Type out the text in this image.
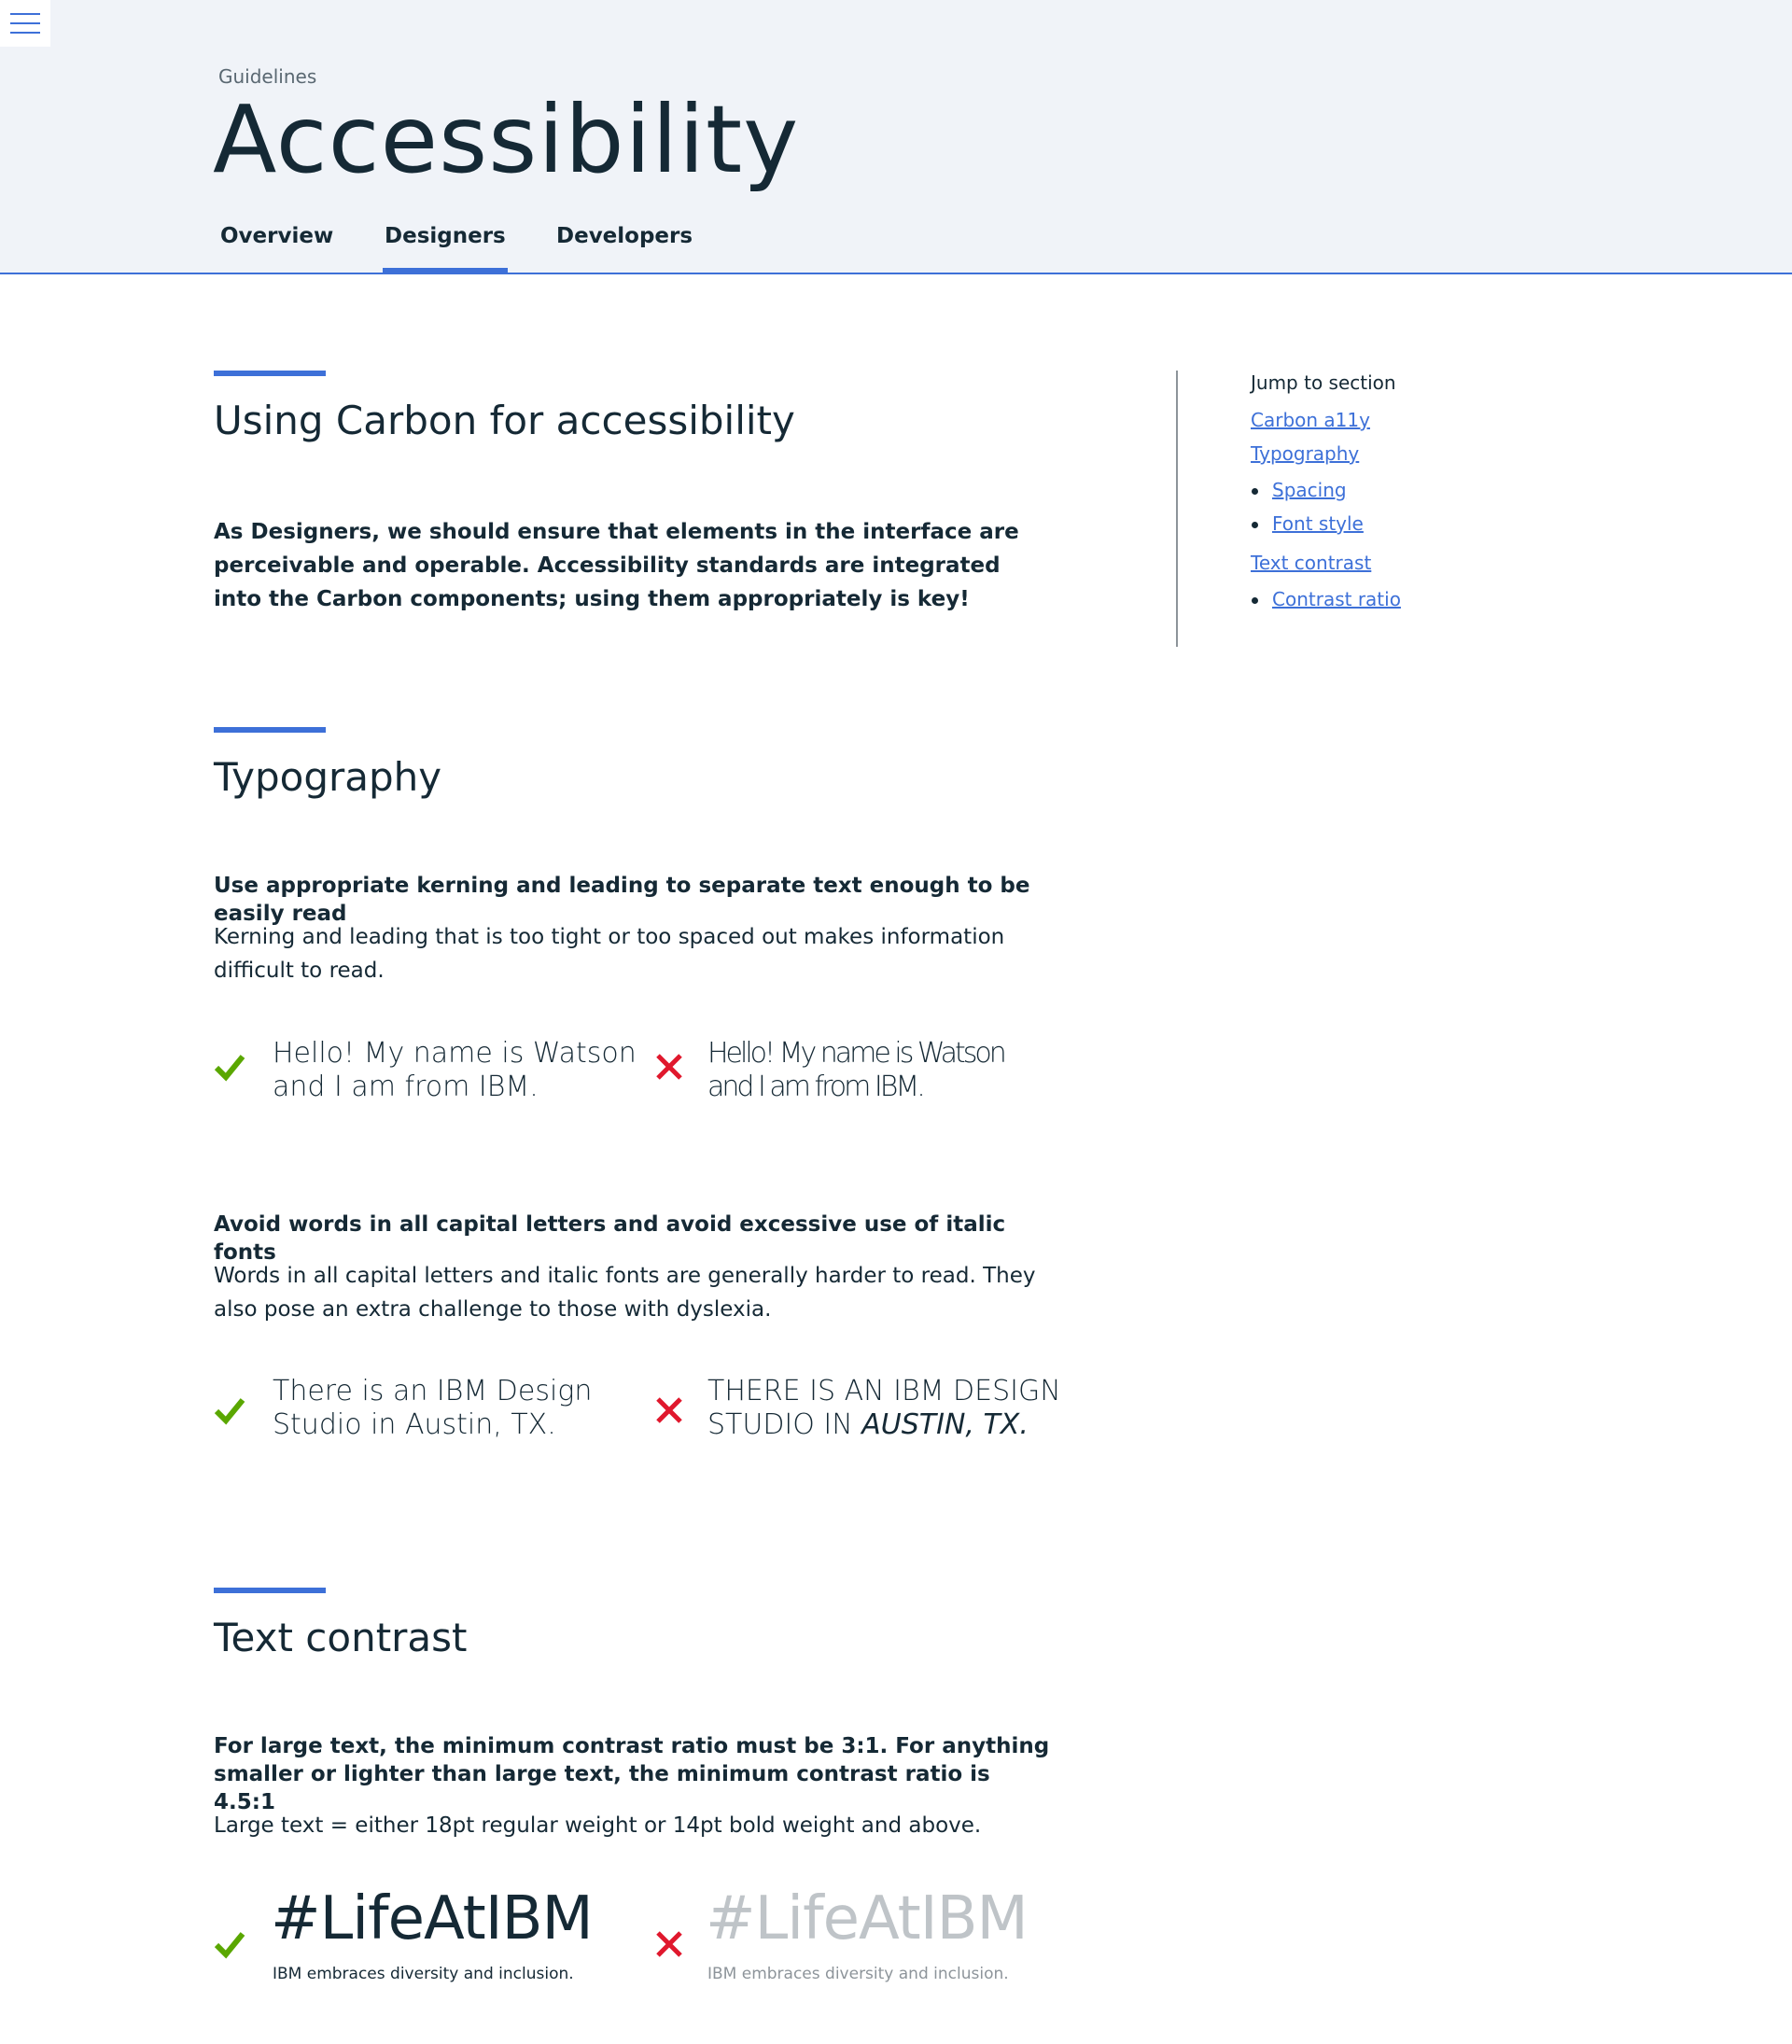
Guidelines

Accessibility
Overview Designers Developers
Using Carbon for accessibility

As Designers, we should ensure that elements in the interface are perceivable and operable. Accessibility standards are integrated into the Carbon components; using them appropriately is key!

Jump to section

Carbon a11y
Typography
Spacing
Font style
Text contrast
Contrast ratio
Typography
Use appropriate kerning and leading to separate text enough to be easily read

Kerning and leading that is too tight or too spaced out makes information difficult to read.

Hello! My name is Watson

and I am from IBM.

Hello! My name is Watson

and I am from IBM.

Avoid words in all capital letters and avoid excessive use of italic fonts

Words in all capital letters and italic fonts are generally harder to read. They also pose an extra challenge to those with dyslexia.

There is an IBM Design

Studio in Austin, TX.

THERE IS AN IBM DESIGN

STUDIO IN AUSTIN, TX.

Text contrast
For large text, the minimum contrast ratio must be 3:1. For anything smaller or lighter than large text, the minimum contrast ratio is 4.5:1

Large text = either 18pt regular weight or 14pt bold weight and above.

#LifeAtIBM

IBM embraces diversity and inclusion.

#LifeAtIBM

IBM embraces diversity and inclusion.
